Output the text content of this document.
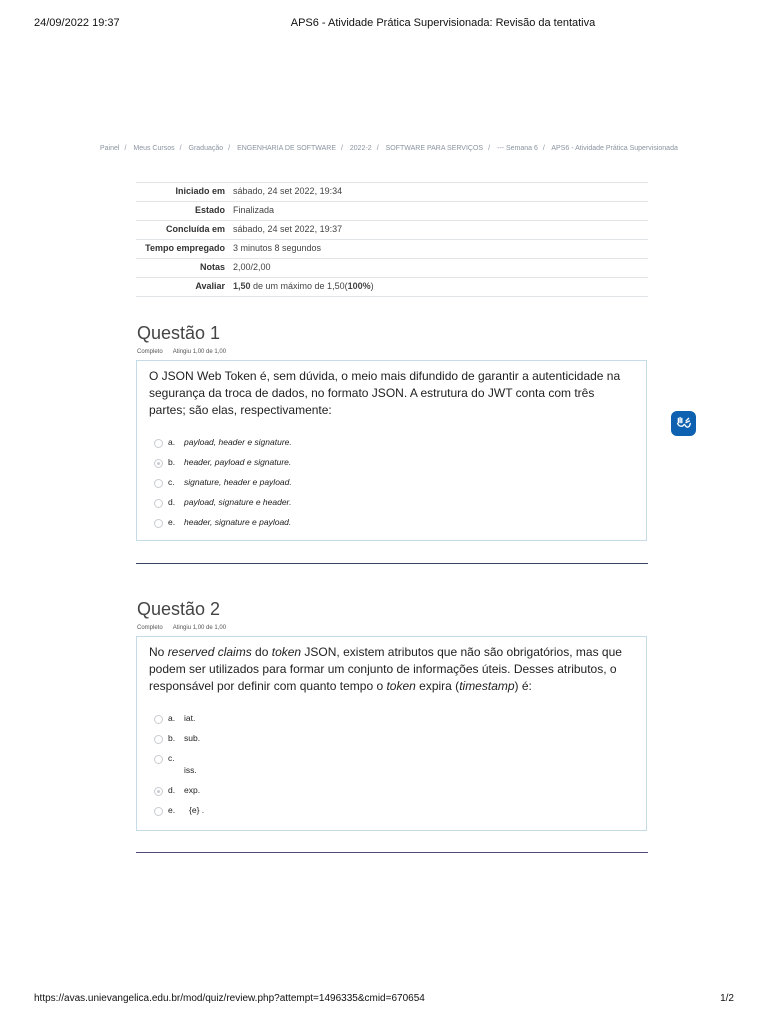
24/09/2022 19:37	APS6 - Atividade Prática Supervisionada: Revisão da tentativa
Painel / Meus Cursos / Graduação / ENGENHARIA DE SOFTWARE / 2022-2 / SOFTWARE PARA SERVIÇOS / --- Semana 6 / APS6 - Atividade Prática Supervisionada
Iniciado em	sábado, 24 set 2022, 19:34
Estado	Finalizada
Concluída em	sábado, 24 set 2022, 19:37
Tempo empregado	3 minutos 8 segundos
Notas	2,00/2,00
Avaliar	1,50 de um máximo de 1,50(100%)
Questão 1
Completo Atingiu 1,00 de 1,00

O JSON Web Token é, sem dúvida, o meio mais difundido de garantir a autenticidade na segurança da troca de dados, no formato JSON. A estrutura do JWT conta com três partes; são elas, respectivamente:

a. payload, header e signature.
b. header, payload e signature.
c. signature, header e payload.
d. payload, signature e header.
e. header, signature e payload.
Questão 2
Completo Atingiu 1,00 de 1,00

No reserved claims do token JSON, existem atributos que não são obrigatórios, mas que podem ser utilizados para formar um conjunto de informações úteis. Desses atributos, o responsável por definir com quanto tempo o token expira (timestamp) é:

a. iat.
b. sub.
c.
iss.
d. exp.
e. {e} .
https://avas.unievangelica.edu.br/mod/quiz/review.php?attempt=1496335&cmid=670654	1/2
